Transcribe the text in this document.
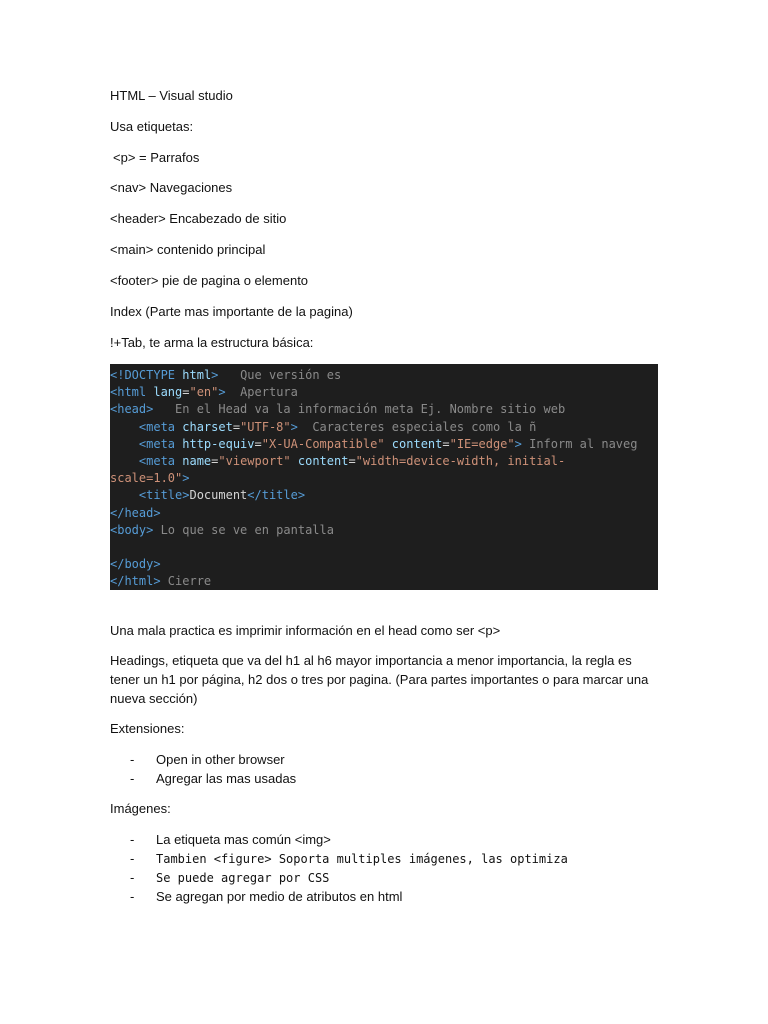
HTML – Visual studio
Usa etiquetas:
<p> = Parrafos
<nav> Navegaciones
<header> Encabezado de sitio
<main> contenido principal
<footer> pie de pagina o elemento
Index (Parte mas importante de la pagina)
!+Tab, te arma la estructura básica:
<!DOCTYPE html>   Que versión es
<html lang="en">  Apertura
<head>   En el Head va la información meta Ej. Nombre sitio web
<meta charset="UTF-8">  Caracteres especiales como la ñ
<meta http-equiv="X-UA-Compatible" content="IE=edge"> Inform al naveg
<meta name="viewport" content="width=device-width, initial-
scale=1.0">
<title>Document</title>
</head>
<body> Lo que se ve en pantalla
</body>
</html> Cierre
Una mala practica es imprimir información en el head como ser <p>
Headings, etiqueta que va del h1 al h6 mayor importancia a menor importancia, la regla es tener un h1 por página, h2 dos o tres por pagina. (Para partes importantes o para marcar una nueva sección)
Extensiones:
- Open in other browser
- Agregar las mas usadas
Imágenes:
- La etiqueta mas común <img>
- Tambien <figure> Soporta multiples imágenes, las optimiza
- Se puede agregar por CSS
- Se agregan por medio de atributos en html
